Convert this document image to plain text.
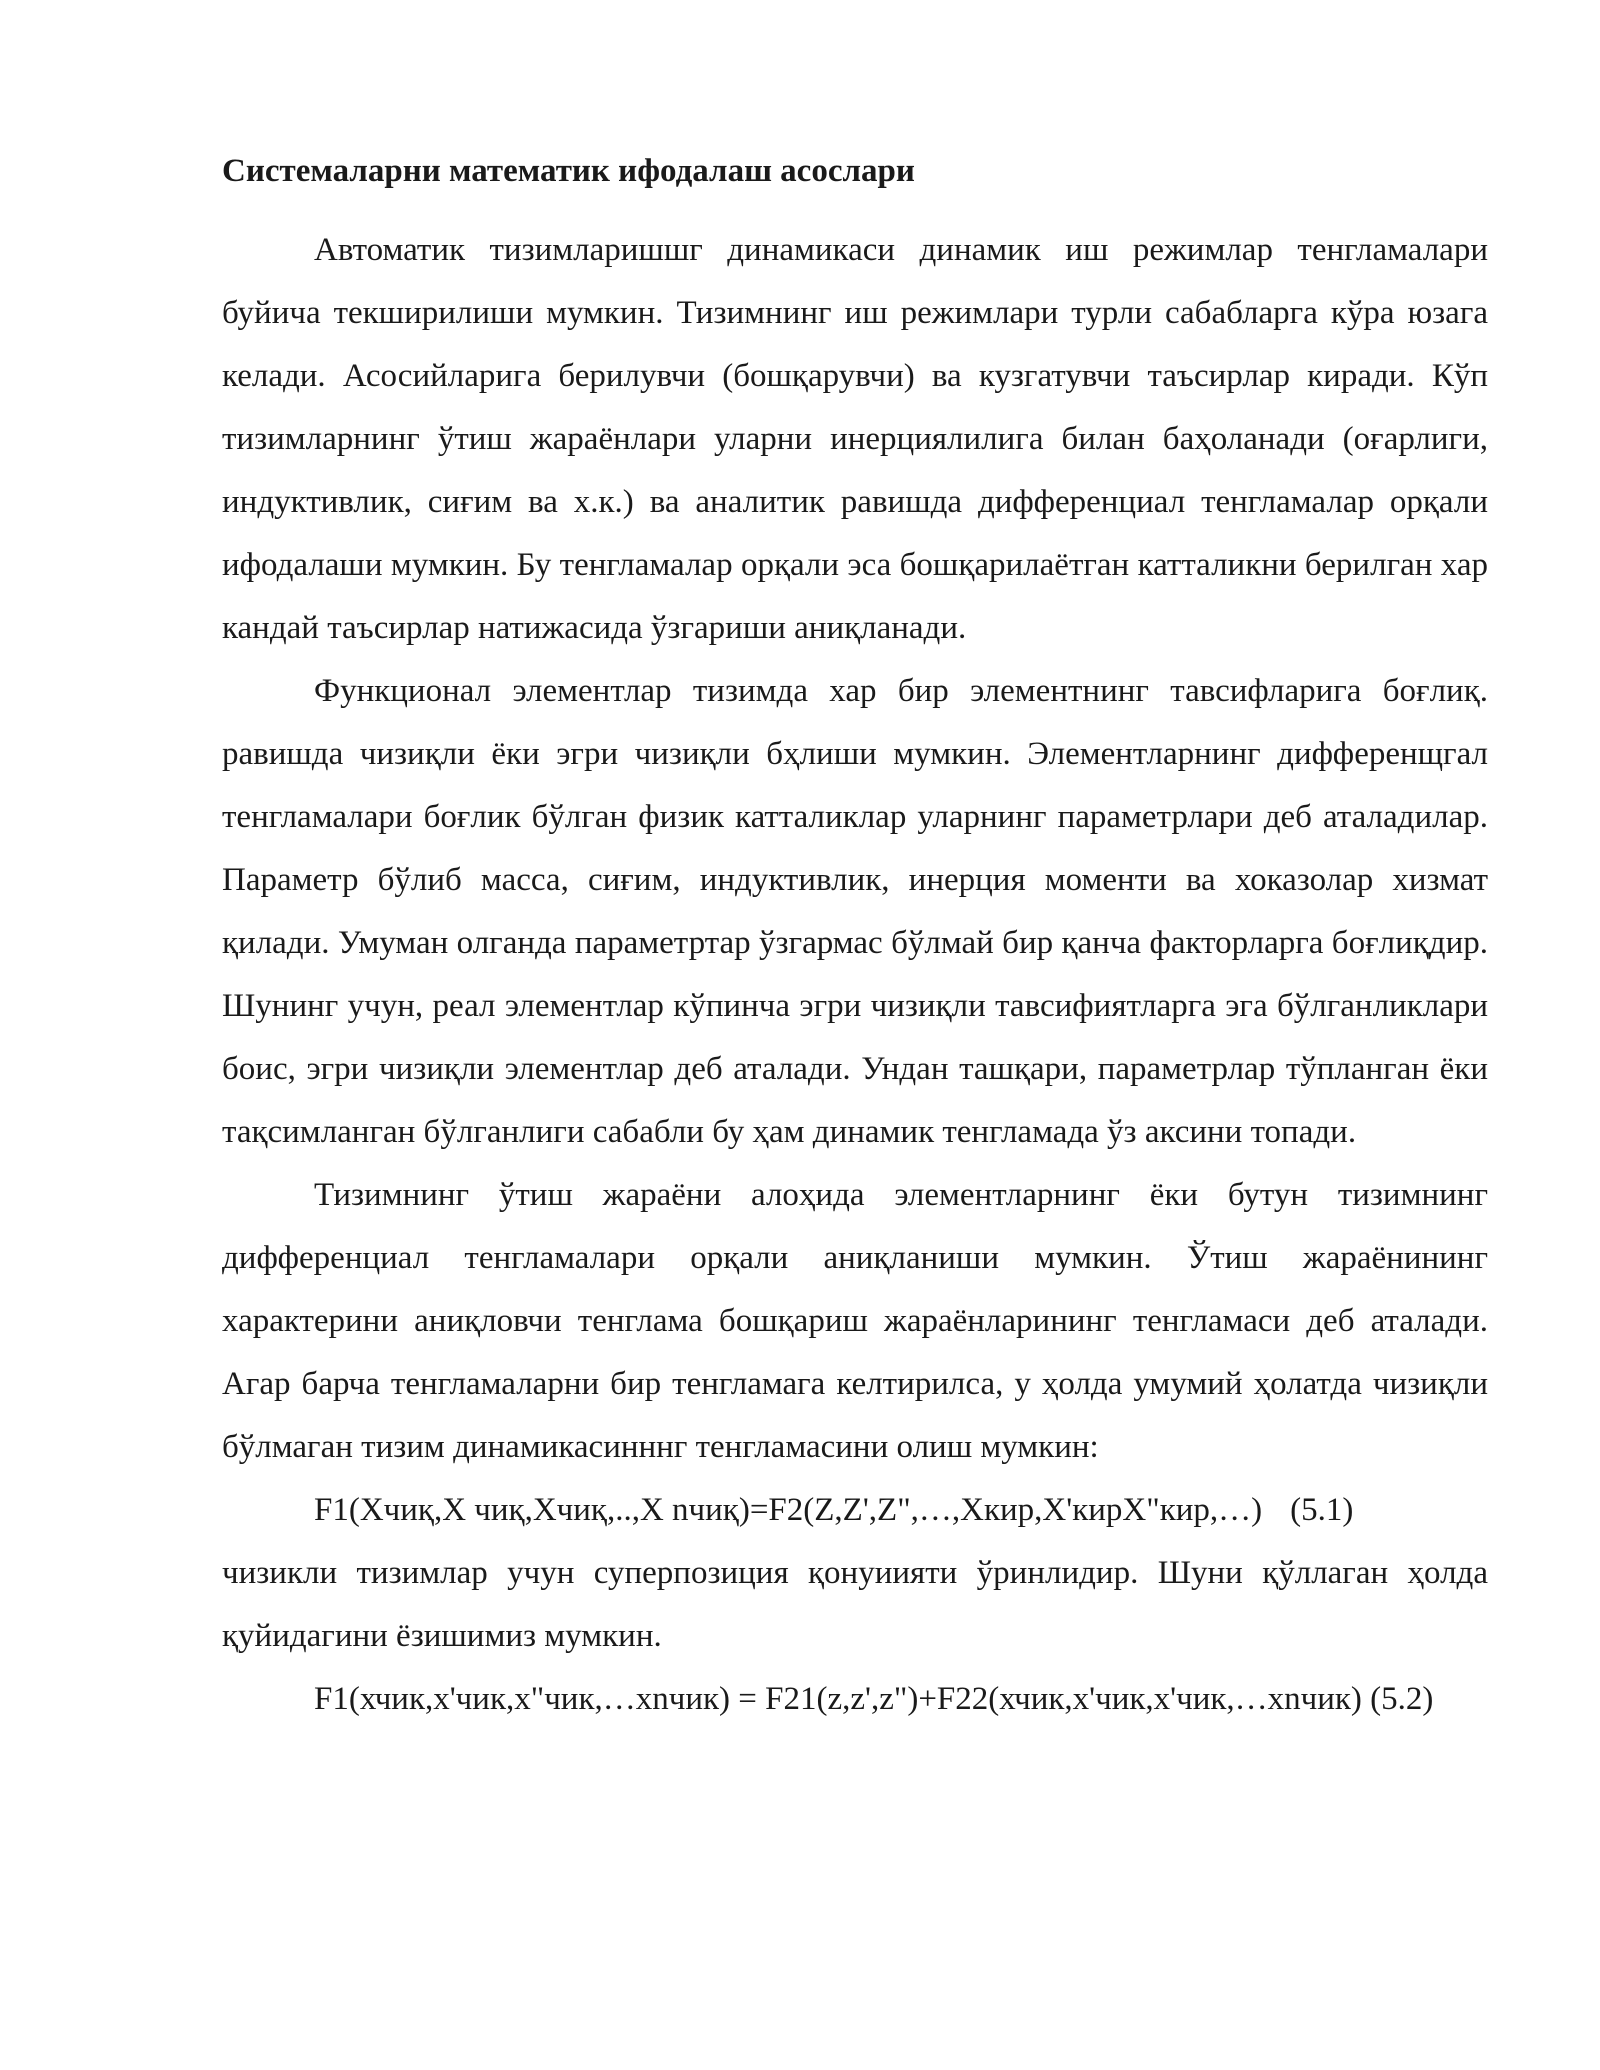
Системаларни математик ифодалаш асослари

Автоматик тизимларишшг динамикаси динамик иш режимлар тенгламалари буйича текширилиши мумкин. Тизимнинг иш режимлари турли сабабларга кўра юзага келади. Асосийларига берилувчи (бошқарувчи) ва кузгатувчи таъсирлар киради. Кўп тизимларнинг ўтиш жараёнлари уларни инерциялилига билан баҳоланади (оғарлиги, индуктивлик, сиғим ва х.к.) ва аналитик равишда дифференциал тенгламалар орқали ифодалаши мумкин. Бу тенгламалар орқали эса бошқарилаётган катталикни берилган хар кандай таъсирлар натижасида ўзгариши аниқланади.

Функционал элементлар тизимда хар бир элементнинг тавсифларига боғлиқ. равишда чизиқли ёки эгри чизиқли бҳлиши мумкин. Элементларнинг дифференщгал тенгламалари боғлик бўлган физик катталиклар уларнинг параметрлари деб аталадилар. Параметр бўлиб масса, сиғим, индуктивлик, инерция моменти ва хоказолар хизмат қилади. Умуман олганда параметртар ўзгармас бўлмай бир қанча факторларга боғлиқдир. Шунинг учун, реал элементлар кўпинча эгри чизиқли тавсифиятларга эга бўлганликлари боис, эгри чизиқли элементлар деб аталади. Ундан ташқари, параметрлар тўпланган ёки тақсимланган бўлганлиги сабабли бу ҳам динамик тенгламада ўз аксини топади.

Тизимнинг ўтиш жараёни алоҳида элементларнинг ёки бутун тизимнинг дифференциал тенгламалари орқали аниқланиши мумкин. Ўтиш жараёнининг характерини аниқловчи тенглама бошқариш жараёнларининг тенгламаси деб аталади. Агар барча тенгламаларни бир тенгламага келтирилса, у ҳолда умумий ҳолатда чизиқли бўлмаган тизим динамикасинннг тенгламасини олиш мумкин:

F1(Xчиқ,X чиқ,Xчиқ,..,X nчиқ)=F2(Z,Z',Z",…,Xкир,X'кирX"кир,…) (5.1)

чизикли тизимлар учун суперпозиция қонуиияти ўринлидир. Шуни қўллаган ҳолда қуйидагини ёзишимиз мумкин.

F1(хчик,х'чик,х"чик,…хnчик) = F21(z,z',z")+F22(хчик,х'чик,х'чик,…хnчик) (5.2)
